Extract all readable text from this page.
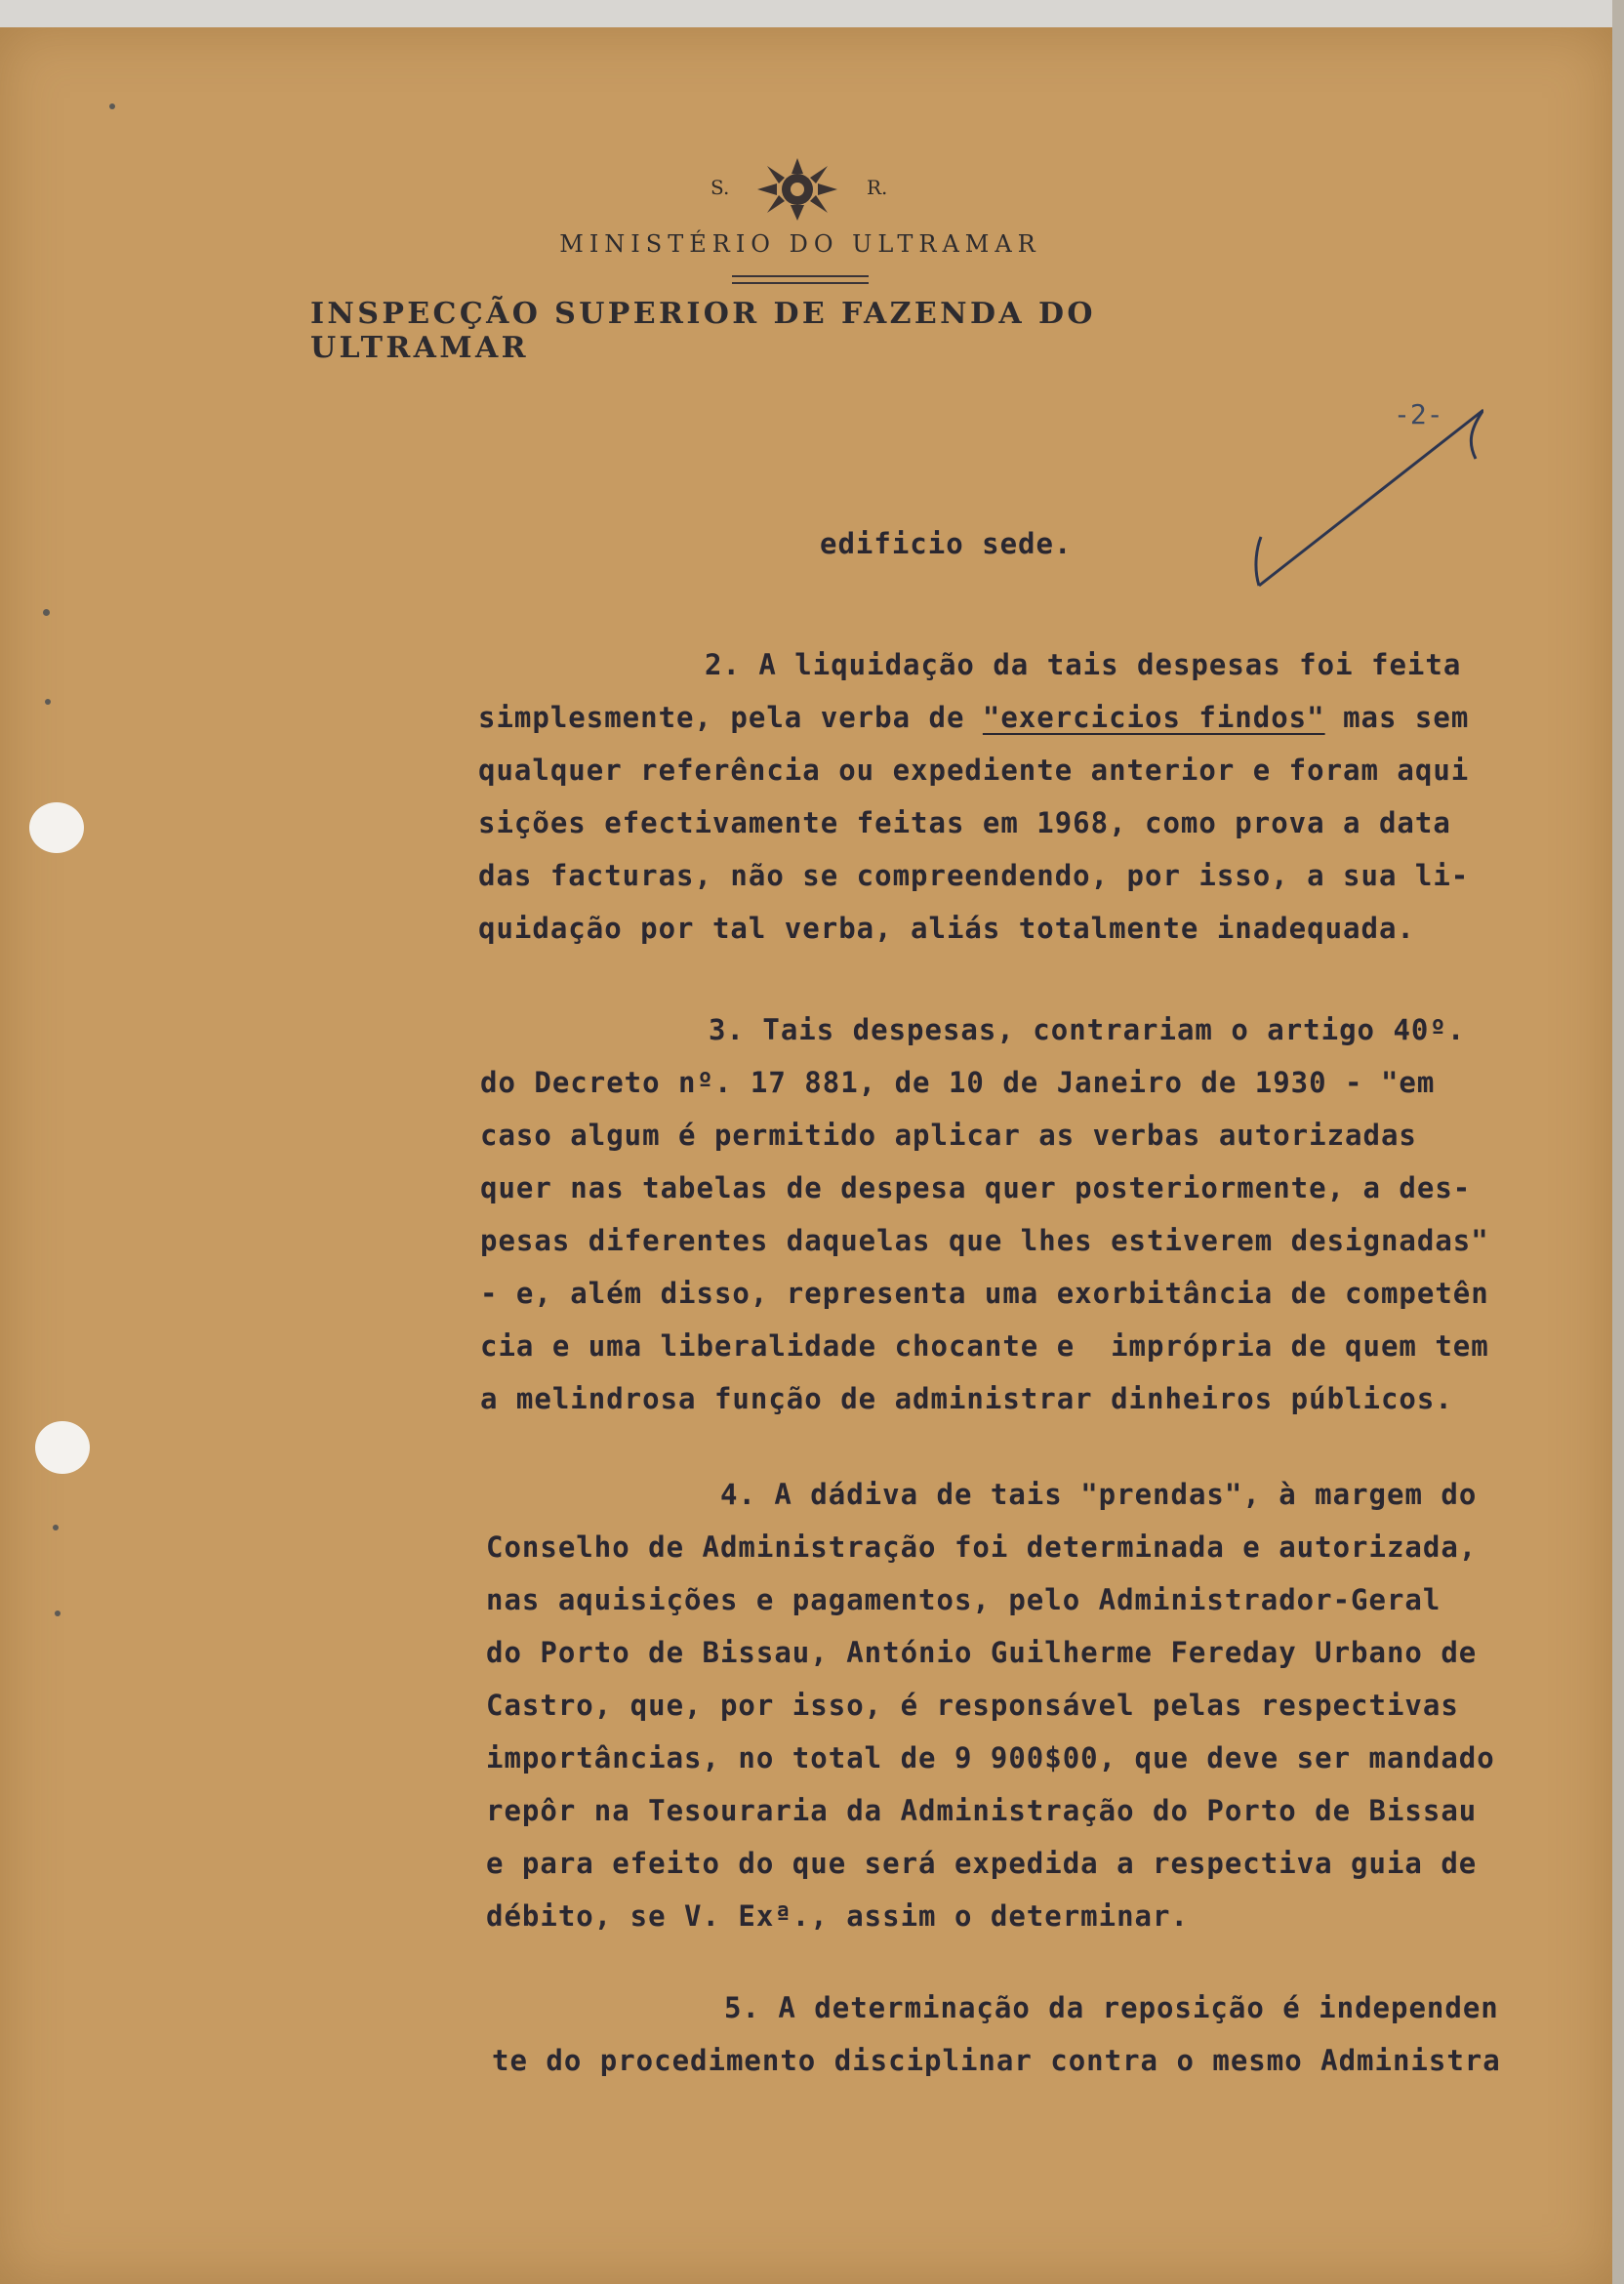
S.	R.
MINISTÉRIO DO ULTRAMAR
INSPECÇÃO SUPERIOR DE FAZENDA DO ULTRAMAR
-2-
edificio sede.
2. A liquidação da tais despesas foi feita
simplesmente, pela verba de "exercicios findos" mas sem
qualquer referência ou expediente anterior e foram aqui
sições efectivamente feitas em 1968, como prova a data
das facturas, não se compreendendo, por isso, a sua li-
quidação por tal verba, aliás totalmente inadequada.
3. Tais despesas, contrariam o artigo 40º.
do Decreto nº. 17 881, de 10 de Janeiro de 1930 - "em
caso algum é permitido aplicar as verbas autorizadas
quer nas tabelas de despesa quer posteriormente, a des-
pesas diferentes daquelas que lhes estiverem designadas"
- e, além disso, representa uma exorbitância de competên
cia e uma liberalidade chocante e  imprópria de quem tem
a melindrosa função de administrar dinheiros públicos.
4. A dádiva de tais "prendas", à margem do
Conselho de Administração foi determinada e autorizada,
nas aquisições e pagamentos, pelo Administrador-Geral
do Porto de Bissau, António Guilherme Fereday Urbano de
Castro, que, por isso, é responsável pelas respectivas
importâncias, no total de 9 900$00, que deve ser mandado
repôr na Tesouraria da Administração do Porto de Bissau
e para efeito do que será expedida a respectiva guia de
débito, se V. Exª., assim o determinar.
5. A determinação da reposição é independen
te do procedimento disciplinar contra o mesmo Administra
